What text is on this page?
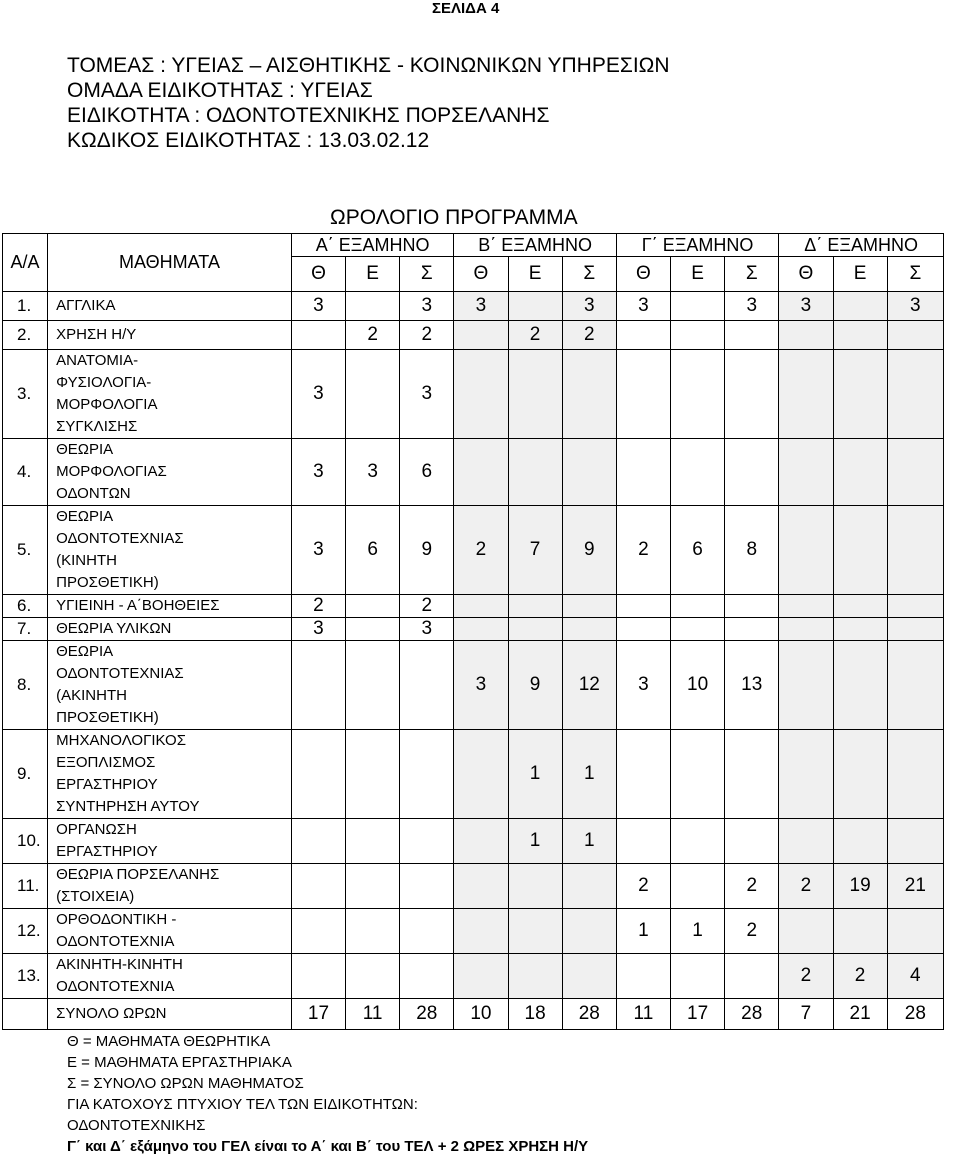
ΣΕΛΙΔΑ 4
ΤΟΜΕΑΣ : ΥΓΕΙΑΣ – ΑΙΣΘΗΤΙΚΗΣ - ΚΟΙΝΩΝΙΚΩΝ ΥΠΗΡΕΣΙΩΝ
ΟΜΑΔΑ ΕΙΔΙΚΟΤΗΤΑΣ : ΥΓΕΙΑΣ
ΕΙΔΙΚΟΤΗΤΑ : ΟΔΟΝΤΟΤΕΧΝΙΚΗΣ ΠΟΡΣΕΛΑΝΗΣ
ΚΩΔΙΚΟΣ ΕΙΔΙΚΟΤΗΤΑΣ : 13.03.02.12
ΩΡΟΛΟΓΙΟ ΠΡΟΓΡΑΜΜΑ
Α/Α	ΜΑΘΗΜΑΤΑ	Α΄ ΕΞΑΜΗΝΟ			Β΄ ΕΞΑΜΗΝΟ			Γ΄ ΕΞΑΜΗΝΟ			Δ΄ ΕΞΑΜΗΝΟ		
		Θ	Ε	Σ	Θ	Ε	Σ	Θ	Ε	Σ	Θ	Ε	Σ
1.	ΑΓΓΛΙΚΑ	3		3	3		3	3		3	3		3
2.	ΧΡΗΣΗ Η/Υ		2	2		2	2						
3.	ΑΝΑΤΟΜΙΑ-
ΦΥΣΙΟΛΟΓΙΑ-
ΜΟΡΦΟΛΟΓΙΑ
ΣΥΓΚΛΙΣΗΣ	3		3									
4.	ΘΕΩΡΙΑ
ΜΟΡΦΟΛΟΓΙΑΣ
ΟΔΟΝΤΩΝ	3	3	6									
5.	ΘΕΩΡΙΑ
ΟΔΟΝΤΟΤΕΧΝΙΑΣ
(ΚΙΝΗΤΗ
ΠΡΟΣΘΕΤΙΚΗ)	3	6	9	2	7	9	2	6	8			
6.	ΥΓΙΕΙΝΗ - Α΄ΒΟΗΘΕΙΕΣ	2		2									
7.	ΘΕΩΡΙΑ ΥΛΙΚΩΝ	3		3									
8.	ΘΕΩΡΙΑ
ΟΔΟΝΤΟΤΕΧΝΙΑΣ
(ΑΚΙΝΗΤΗ
ΠΡΟΣΘΕΤΙΚΗ)				3	9	12	3	10	13			
9.	ΜΗΧΑΝΟΛΟΓΙΚΟΣ
ΕΞΟΠΛΙΣΜΟΣ
ΕΡΓΑΣΤΗΡΙΟΥ
ΣΥΝΤΗΡΗΣΗ ΑΥΤΟΥ					1	1						
10.	ΟΡΓΑΝΩΣΗ
ΕΡΓΑΣΤΗΡΙΟΥ					1	1						
11.	ΘΕΩΡΙΑ ΠΟΡΣΕΛΑΝΗΣ
(ΣΤΟΙΧΕΙΑ)							2		2	2	19	21
12.	ΟΡΘΟΔΟΝΤΙΚΗ -
ΟΔΟΝΤΟΤΕΧΝΙΑ							1	1	2			
13.	ΑΚΙΝΗΤΗ-ΚΙΝΗΤΗ
ΟΔΟΝΤΟΤΕΧΝΙΑ										2	2	4
	ΣΥΝΟΛΟ ΩΡΩΝ	17	11	28	10	18	28	11	17	28	7	21	28
Θ = ΜΑΘΗΜΑΤΑ ΘΕΩΡΗΤΙΚΑ
Ε = ΜΑΘΗΜΑΤΑ ΕΡΓΑΣΤΗΡΙΑΚΑ
Σ = ΣΥΝΟΛΟ ΩΡΩΝ ΜΑΘΗΜΑΤΟΣ
ΓΙΑ ΚΑΤΟΧΟΥΣ ΠΤΥΧΙΟΥ ΤΕΛ ΤΩΝ ΕΙΔΙΚΟΤΗΤΩΝ:
ΟΔΟΝΤΟΤΕΧΝΙΚΗΣ
Γ΄ και Δ΄ εξάμηνο του ΓΕΛ είναι το Α΄ και Β΄ του ΤΕΛ + 2 ΩΡΕΣ ΧΡΗΣΗ Η/Υ
